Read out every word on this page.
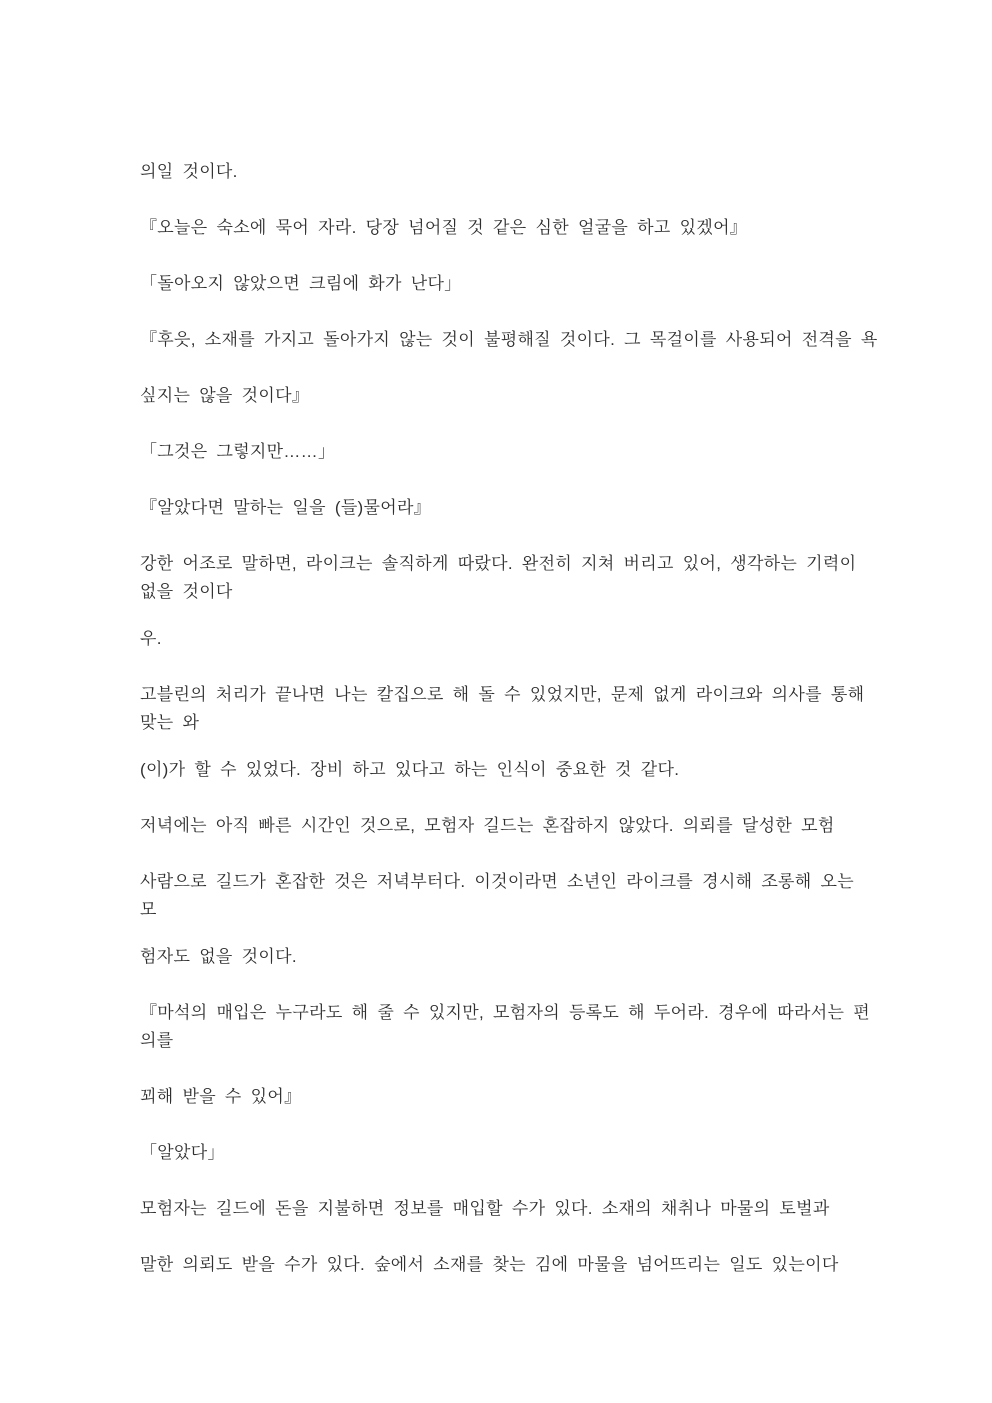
의일 것이다.

『오늘은 숙소에 묵어 자라. 당장 넘어질 것 같은 심한 얼굴을 하고 있겠어』

「돌아오지 않았으면 크림에 화가 난다」

『후읏, 소재를 가지고 돌아가지 않는 것이 불평해질 것이다. 그 목걸이를 사용되어 전격을 욕

싶지는 않을 것이다』

「그것은 그렇지만……」

『알았다면 말하는 일을 (들)물어라』

강한 어조로 말하면, 라이크는 솔직하게 따랐다. 완전히 지쳐 버리고 있어, 생각하는 기력이
없을 것이다

우.

고블린의 처리가 끝나면 나는 칼집으로 해 돌 수 있었지만, 문제 없게 라이크와 의사를 통해
맞는 와

(이)가 할 수 있었다. 장비 하고 있다고 하는 인식이 중요한 것 같다.

저녁에는 아직 빠른 시간인 것으로, 모험자 길드는 혼잡하지 않았다. 의뢰를 달성한 모험

사람으로 길드가 혼잡한 것은 저녁부터다. 이것이라면 소년인 라이크를 경시해 조롱해 오는
모

험자도 없을 것이다.

『마석의 매입은 누구라도 해 줄 수 있지만, 모험자의 등록도 해 두어라. 경우에 따라서는 편
의를

꾀해 받을 수 있어』

「알았다」

모험자는 길드에 돈을 지불하면 정보를 매입할 수가 있다. 소재의 채취나 마물의 토벌과

말한 의뢰도 받을 수가 있다. 숲에서 소재를 찾는 김에 마물을 넘어뜨리는 일도 있는이다
